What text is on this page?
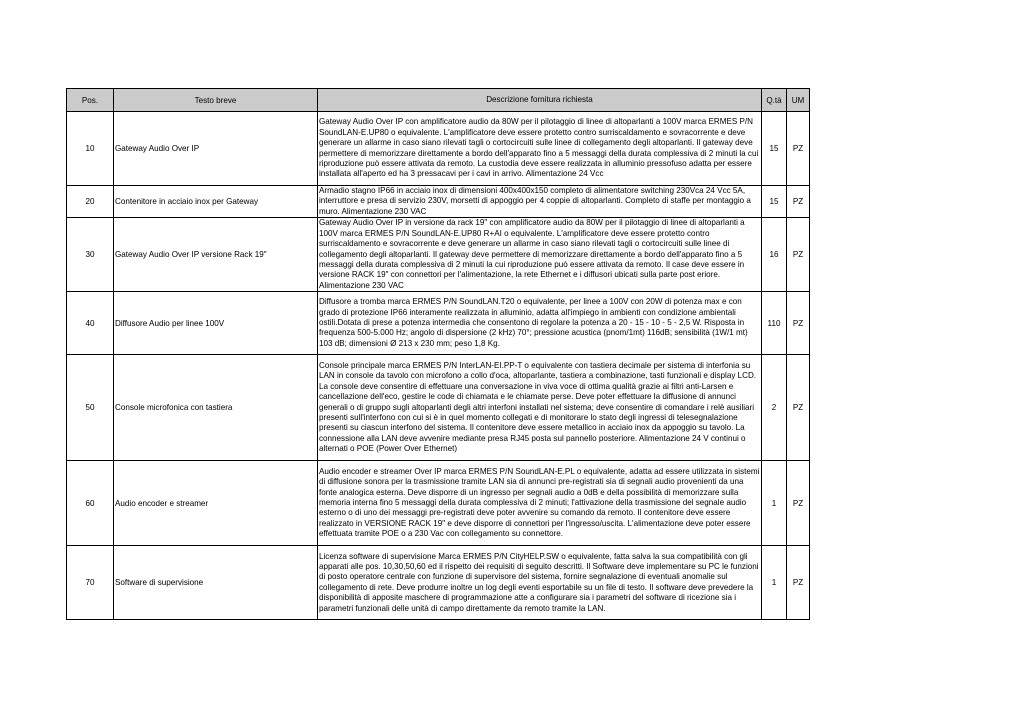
Pos.	Testo breve	Descrizione fornitura richiesta	Q.tà	UM
10	Gateway Audio Over IP	Gateway Audio Over IP con amplificatore audio da 80W per il pilotaggio di linee di altoparlanti a 100V marca ERMES P/N SoundLAN-E.UP80 o equivalente. L'amplificatore deve essere protetto contro surriscaldamento e sovracorrente e deve generare un allarme in caso siano rilevati tagli o cortocircuiti sulle linee di collegamento degli altoparlanti. Il gateway deve permettere di memorizzare direttamente a bordo dell'apparato fino a 5 messaggi della durata complessiva di 2 minuti la cui riproduzione può essere attivata da remoto. La custodia deve essere realizzata in alluminio pressofuso adatta per essere installata all'aperto ed ha 3 pressacavi per i cavi in arrivo. Alimentazione 24 Vcc	15	PZ
20	Contenitore in acciaio inox per Gateway	Armadio stagno IP66 in acciaio inox di dimensioni 400x400x150 completo di alimentatore switching 230Vca 24 Vcc 5A, interruttore e presa di servizio 230V, morsetti di appoggio per 4 coppie di altoparlanti. Completo di staffe per montaggio a muro. Alimentazione 230 VAC	15	PZ
30	Gateway Audio Over IP versione Rack 19"	Gateway Audio Over IP in versione da rack 19" con amplificatore audio da 80W per il pilotaggio di linee di altoparlanti a 100V marca ERMES P/N SoundLAN-E.UP80 R+AI o equivalente. L'amplificatore deve essere protetto contro surriscaldamento e sovracorrente e deve generare un allarme in caso siano rilevati tagli o cortocircuiti sulle linee di collegamento degli altoparlanti. Il gateway deve permettere di memorizzare direttamente a bordo dell'apparato fino a 5 messaggi della durata complessiva di 2 minuti la cui riproduzione può essere attivata da remoto. Il case deve essere in versione RACK 19" con connettori per l'alimentazione, la rete Ethernet e i diffusori ubicati sulla parte post eriore. Alimentazione 230 VAC	16	PZ
40	Diffusore Audio per linee 100V	Diffusore a tromba marca ERMES P/N SoundLAN.T20 o equivalente, per linee a 100V con 20W di potenza max e con grado di protezione IP66 interamente realizzata in alluminio, adatta all'impiego in ambienti con condizione ambientali ostili.Dotata di prese a potenza intermedia che consentono di regolare la potenza a 20 - 15 - 10 - 5 - 2,5 W. Risposta in frequenza 500-5.000 Hz; angolo di dispersione (2 kHz) 70°; pressione acustica (pnom/1mt) 116dB; sensibilità (1W/1 mt) 103 dB; dimensioni Ø 213 x 230 mm; peso 1,8 Kg.	110	PZ
50	Console microfonica con tastiera	Console principale marca ERMES P/N InterLAN-EI.PP-T o equivalente con tastiera decimale per sistema di interfonia su LAN in console da tavolo con microfono a collo d'oca, altoparlante, tastiera a combinazione, tasti funzionali e display LCD. La console deve consentire di effettuare una conversazione in viva voce di ottima qualità grazie ai filtri anti-Larsen e cancellazione dell'eco, gestire le code di chiamata e le chiamate perse. Deve poter effettuare la diffusione di annunci generali o di gruppo sugli altoparlanti degli altri interfoni installati nel sistema; deve consentire di comandare i relè ausiliari presenti sull'interfono con cui si è in quel momento collegati e di monitorare lo stato degli ingressi di telesegnalazione presenti su ciascun interfono del sistema. Il contenitore deve essere metallico in acciaio inox da appoggio su tavolo. La connessione alla LAN deve avvenire mediante presa RJ45 posta sul pannello posteriore. Alimentazione 24 V continui o alternati o POE (Power Over Ethernet)	2	PZ
60	Audio encoder e streamer	Audio encoder e streamer Over IP marca ERMES P/N SoundLAN-E.PL o equivalente, adatta ad essere utilizzata in sistemi di diffusione sonora per la trasmissione tramite LAN sia di annunci pre-registrati sia di segnali audio provenienti da una fonte analogica esterna. Deve disporre di un ingresso per segnali audio a 0dB e della possibilità di memorizzare sulla memoria interna fino 5 messaggi della durata complessiva di 2 minuti; l'attivazione della trasmissione del segnale audio esterno o di uno dei messaggi pre-registrati deve poter avvenire su comando da remoto. Il contenitore deve essere realizzato in VERSIONE RACK 19" e deve disporre di connettori per l'ingresso/uscita. L'alimentazione deve poter essere effettuata tramite POE o a 230 Vac con collegamento su connettore.	1	PZ
70	Software di supervisione	Licenza software di supervisione Marca ERMES P/N CityHELP.SW o equivalente, fatta salva la sua compatibilità con gli apparati alle pos. 10,30,50,60 ed il rispetto dei requisiti di seguito descritti. Il Software deve implementare su PC le funzioni di posto operatore centrale con funzione di supervisore del sistema, fornire segnalazione di eventuali anomalie sul collegamento di rete. Deve produrre inoltre un log degli eventi esportabile su un file di testo. Il software deve prevedere la disponibilità di apposite maschere di programmazione atte a configurare sia i parametri del software di ricezione sia i parametri funzionali delle unità di campo direttamente da remoto tramite la LAN.	1	PZ
